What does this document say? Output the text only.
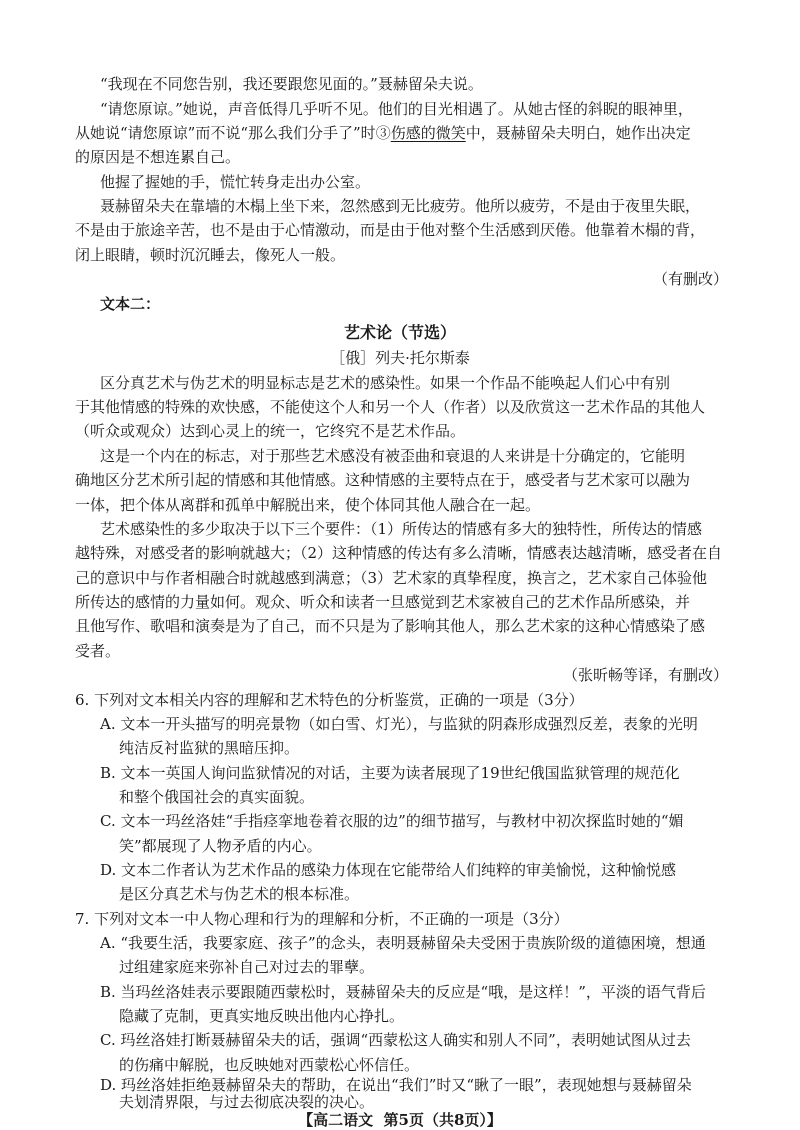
“我现在不同您告别，我还要跟您见面的。”聂赫留朵夫说。

“请您原谅。”她说，声音低得几乎听不见。他们的目光相遇了。从她古怪的斜睨的眼神里，

从她说“请您原谅”而不说“那么我们分手了”时③伤感的微笑中，聂赫留朵夫明白，她作出决定

的原因是不想连累自己。

他握了握她的手，慌忙转身走出办公室。

聂赫留朵夫在靠墙的木榻上坐下来，忽然感到无比疲劳。他所以疲劳，不是由于夜里失眠，

不是由于旅途辛苦，也不是由于心情激动，而是由于他对整个生活感到厌倦。他靠着木榻的背，

闭上眼睛，顿时沉沉睡去，像死人一般。

（有删改）

文本二：

艺术论（节选）

［俄］列夫·托尔斯泰

区分真艺术与伪艺术的明显标志是艺术的感染性。如果一个作品不能唤起人们心中有别

于其他情感的特殊的欢快感，不能使这个人和另一个人（作者）以及欣赏这一艺术作品的其他人

（听众或观众）达到心灵上的统一，它终究不是艺术作品。

这是一个内在的标志，对于那些艺术感没有被歪曲和衰退的人来讲是十分确定的，它能明

确地区分艺术所引起的情感和其他情感。这种情感的主要特点在于，感受者与艺术家可以融为

一体，把个体从离群和孤单中解脱出来，使个体同其他人融合在一起。

艺术感染性的多少取决于以下三个要件：（1）所传达的情感有多大的独特性，所传达的情感

越特殊，对感受者的影响就越大；（2）这种情感的传达有多么清晰，情感表达越清晰，感受者在自

己的意识中与作者相融合时就越感到满意；（3）艺术家的真挚程度，换言之，艺术家自己体验他

所传达的感情的力量如何。观众、听众和读者一旦感觉到艺术家被自己的艺术作品所感染，并

且他写作、歌唱和演奏是为了自己，而不只是为了影响其他人，那么艺术家的这种心情感染了感

受者。

（张昕畅等译，有删改）

6. 下列对文本相关内容的理解和艺术特色的分析鉴赏，正确的一项是（3分）

A. 文本一开头描写的明亮景物（如白雪、灯光），与监狱的阴森形成强烈反差，表象的光明

纯洁反衬监狱的黑暗压抑。

B. 文本一英国人询问监狱情况的对话，主要为读者展现了19世纪俄国监狱管理的规范化

和整个俄国社会的真实面貌。

C. 文本一玛丝洛娃“手指痉挛地卷着衣服的边”的细节描写，与教材中初次探监时她的“媚

笑”都展现了人物矛盾的内心。

D. 文本二作者认为艺术作品的感染力体现在它能带给人们纯粹的审美愉悦，这种愉悦感

是区分真艺术与伪艺术的根本标准。

7. 下列对文本一中人物心理和行为的理解和分析，不正确的一项是（3分）

A. “我要生活，我要家庭、孩子”的念头，表明聂赫留朵夫受困于贵族阶级的道德困境，想通

过组建家庭来弥补自己对过去的罪孽。

B. 当玛丝洛娃表示要跟随西蒙松时，聂赫留朵夫的反应是“哦，是这样！”，平淡的语气背后

隐藏了克制，更真实地反映出他内心挣扎。

C. 玛丝洛娃打断聂赫留朵夫的话，强调“西蒙松这人确实和别人不同”，表明她试图从过去

的伤痛中解脱，也反映她对西蒙松心怀信任。

D. 玛丝洛娃拒绝聂赫留朵夫的帮助，在说出“我们”时又“瞅了一眼”，表现她想与聂赫留朵

夫划清界限，与过去彻底决裂的决心。

【高二语文 第5页（共8页）】
